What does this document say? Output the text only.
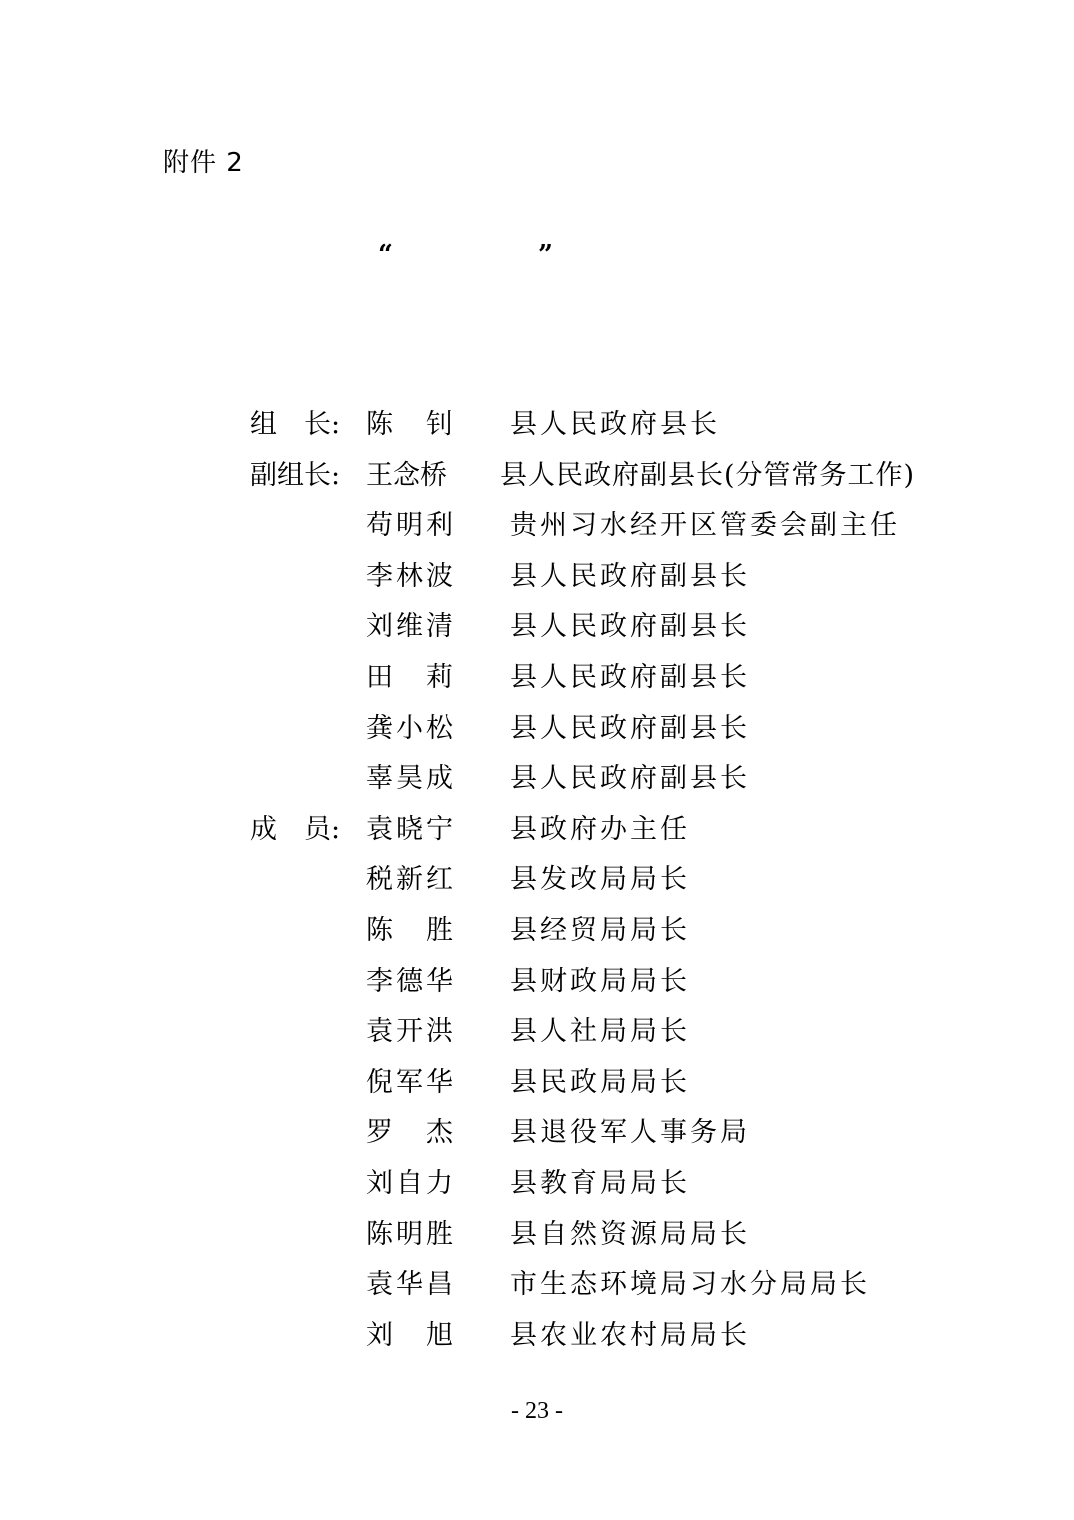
附件 2
“	”
组　长: 陈　钊	县人民政府县长
副组长: 王念桥	县人民政府副县长(分管常务工作)
苟明利	贵州习水经开区管委会副主任
李林波	县人民政府副县长
刘维清	县人民政府副县长
田　莉	县人民政府副县长
龚小松	县人民政府副县长
辜昊成	县人民政府副县长
成　员: 袁晓宁	县政府办主任
税新红	县发改局局长
陈　胜	县经贸局局长
李德华	县财政局局长
袁开洪	县人社局局长
倪军华	县民政局局长
罗　杰	县退役军人事务局
刘自力	县教育局局长
陈明胜	县自然资源局局长
袁华昌	市生态环境局习水分局局长
刘　旭	县农业农村局局长
- 23 -
